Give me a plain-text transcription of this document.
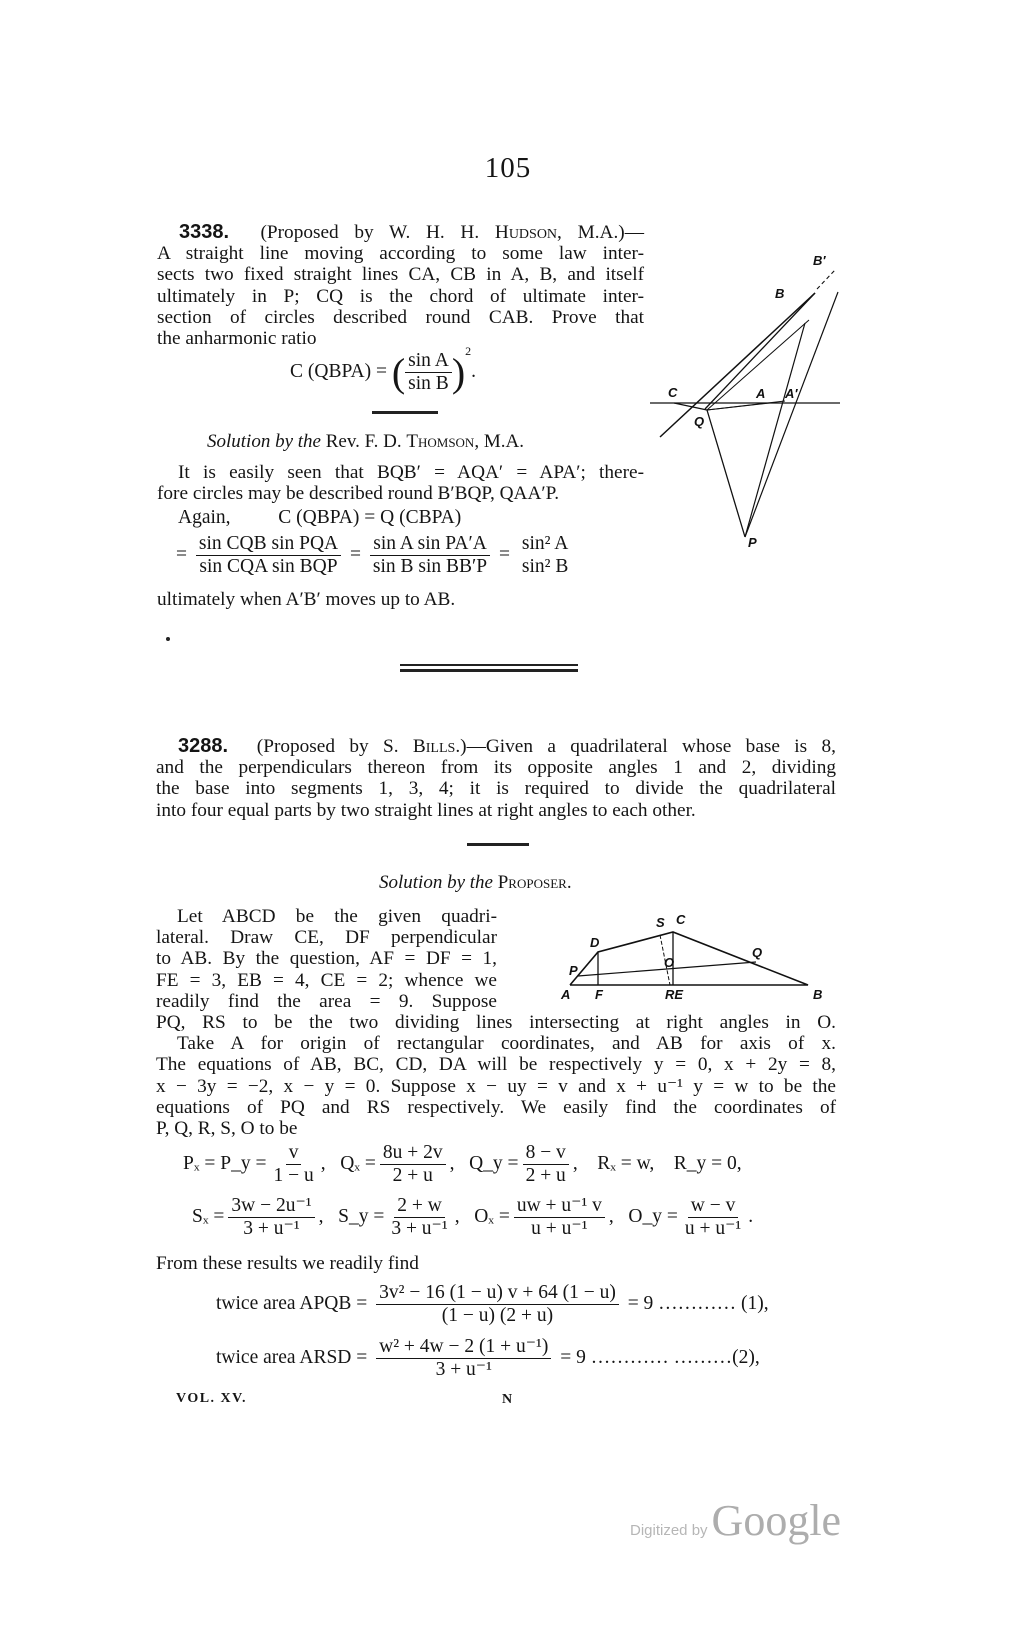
105
3338. (Proposed by W. H. H. Hudson, M.A.)—
A straight line moving according to some law inter-
sects two fixed straight lines CA, CB in A, B, and itself
ultimately in P; CQ is the chord of ultimate inter-
section of circles described round CAB. Prove that
the anharmonic ratio
C (QBPA) = ( $\frac{\text{sin A}}{\text{sin B}} )^2$.
Solution by the Rev. F. D. Thomson, M.A.
It is easily seen that BQB′ = AQA′ = APA′; there-
fore circles may be described round B′BQP, QAA′P.
Again, C (QBPA) = Q (CBPA)
= $\frac{\text{sin CQB sin PQA}}{\text{sin CQA sin BQP}} = \frac{\text{sin A sin PA′A}}{\text{sin B sin BB′P}}$ =
sin² A
sin² B
ultimately when A′B′ moves up to AB.
B′
B
C	A A′
Q
P
3288. (Proposed by S. Bills.)—Given a quadrilateral whose base is 8,
and the perpendiculars thereon from its opposite angles 1 and 2, dividing
the base into segments 1, 3, 4; it is required to divide the quadrilateral
into four equal parts by two straight lines at right angles to each other.
Solution by the Proposer.
Let ABCD be the given quadri-
lateral. Draw CE, DF perpendicular
to AB. By the question, AF = DF = 1,
FE = 3, EB = 4, CE = 2; whence we
readily find the area = 9. Suppose
PQ, RS to be the two dividing lines intersecting at right angles in O.
Take A for origin of rectangular coordinates, and AB for axis of x.
The equations of AB, BC, CD, DA will be respectively y = 0, x + 2y = 8,
x − 3y = −2, x − y = 0. Suppose x − uy = v and x + u⁻¹ y = w to be the
equations of PQ and RS respectively. We easily find the coordinates of
P, Q, R, S, O to be
S C
D
Q
O
P
A F	RE	B
Pₓ = P_y = $\frac{v}{1 - u}$ , $Q_x = \frac{8u + 2v}{2 + u}$ , Q_y = $\frac{8 - v}{2 + u}$ , Rₓ = w, R_y = 0,
$S_x = \frac{\text{3w − 2u⁻¹}}{\text{3 + u⁻¹}}$ , S_y = $\frac{2 + w}{\text{3 + u⁻¹}}$ , $O_x = \frac{\text{uw + u⁻¹ v}}{\text{u + u⁻¹}}$ , O_y = $\frac{w - v}{\text{u + u⁻¹}}$ .
From these results we readily find
twice area APQB = $\frac{\text{3v² − 16 (1 − u) v + 64 (1 − u)}}{(1 - u) (2 + u)} = 9$ ………… (1),
twice area ARSD = $\frac{\text{w² + 4w − 2 (1 + u⁻¹)}}{\text{3 + u⁻¹}} = 9$ ………… ………(2),
VOL. XV.	N
Digitized by Google
